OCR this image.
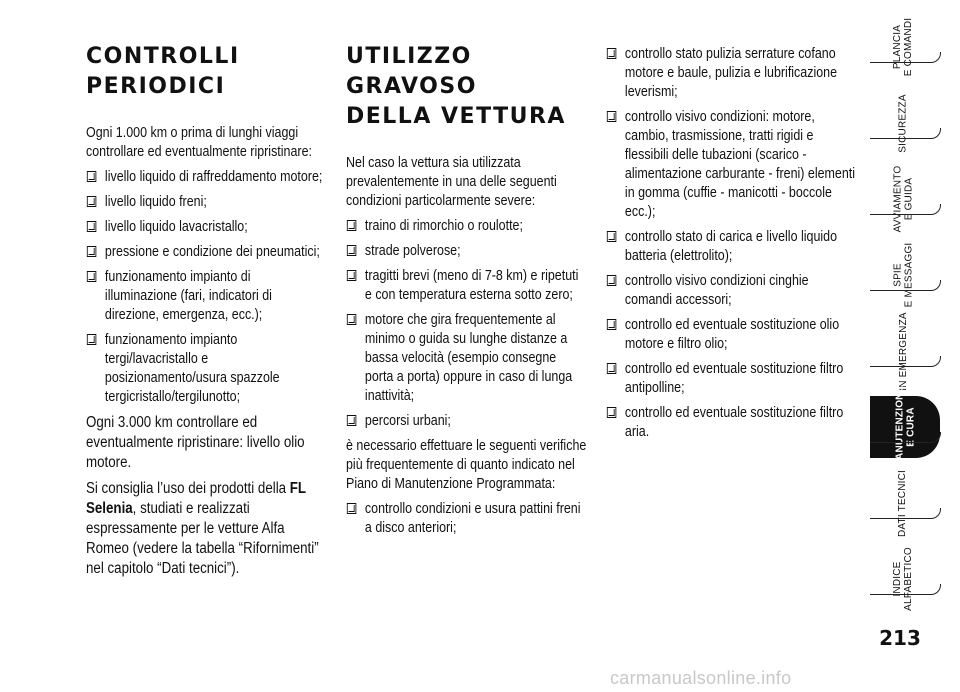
CONTROLLI
PERIODICI

Ogni 1.000 km o prima di lunghi viaggi controllare ed eventualmente ripristinare:

livello liquido di raffreddamento motore;
livello liquido freni;
livello liquido lavacristallo;
pressione e condizione dei pneumatici;
funzionamento impianto di illuminazione (fari, indicatori di direzione, emergenza, ecc.);
funzionamento impianto tergi/lavacristallo e posizionamento/usura spazzole tergicristallo/tergilunotto;

Ogni 3.000 km controllare ed eventualmente ripristinare: livello olio motore.

Si consiglia l’uso dei prodotti della FL Selenia, studiati e realizzati espressamente per le vetture Alfa Romeo (vedere la tabella “Rifornimenti” nel capitolo “Dati tecnici”).

UTILIZZO GRAVOSO
DELLA VETTURA

Nel caso la vettura sia utilizzata prevalentemente in una delle seguenti condizioni particolarmente severe:

traino di rimorchio o roulotte;
strade polverose;
tragitti brevi (meno di 7-8 km) e ripetuti e con temperatura esterna sotto zero;
motore che gira frequentemente al minimo o guida su lunghe distanze a bassa velocità (esempio consegne porta a porta) oppure in caso di lunga inattività;
percorsi urbani;

è necessario effettuare le seguenti verifiche più frequentemente di quanto indicato nel Piano di Manutenzione Programmata:

controllo condizioni e usura pattini freni a disco anteriori;
controllo stato pulizia serrature cofano motore e baule, pulizia e lubrificazione leverismi;
controllo visivo condizioni: motore, cambio, trasmissione, tratti rigidi e flessibili delle tubazioni (scarico - alimentazione carburante - freni) elementi in gomma (cuffie - manicotti - boccole ecc.);
controllo stato di carica e livello liquido batteria (elettrolito);
controllo visivo condizioni cinghie comandi accessori;
controllo ed eventuale sostituzione olio motore e filtro olio;
controllo ed eventuale sostituzione filtro antipolline;
controllo ed eventuale sostituzione filtro aria.
PLANCIA
E COMANDI
SICUREZZA
AVVIAMENTO
E GUIDA
SPIE
E MESSAGGI
IN EMERGENZA
MANUTENZIONE
E CURA
DATI TECNICI
INDICE
ALFABETICO
213
carmanualsonline.info
